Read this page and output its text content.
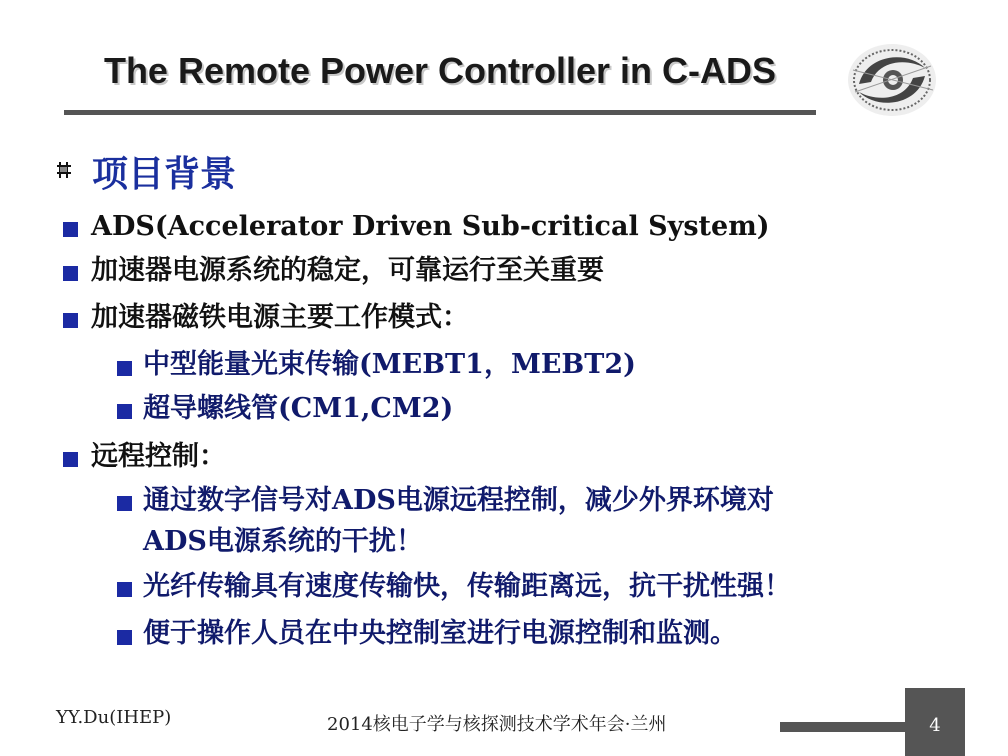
The Remote Power Controller in C-ADS
项目背景
ADS(Accelerator Driven Sub-critical System)
加速器电源系统的稳定，可靠运行至关重要
加速器磁铁电源主要工作模式：
中型能量光束传输(MEBT1，MEBT2)
超导螺线管(CM1,CM2)
远程控制：
通过数字信号对ADS电源远程控制，减少外界环境对
ADS电源系统的干扰！
光纤传输具有速度传输快，传输距离远，抗干扰性强！
便于操作人员在中央控制室进行电源控制和监测。
YY.Du(IHEP)	2014核电子学与核探测技术学术年会·兰州	4
